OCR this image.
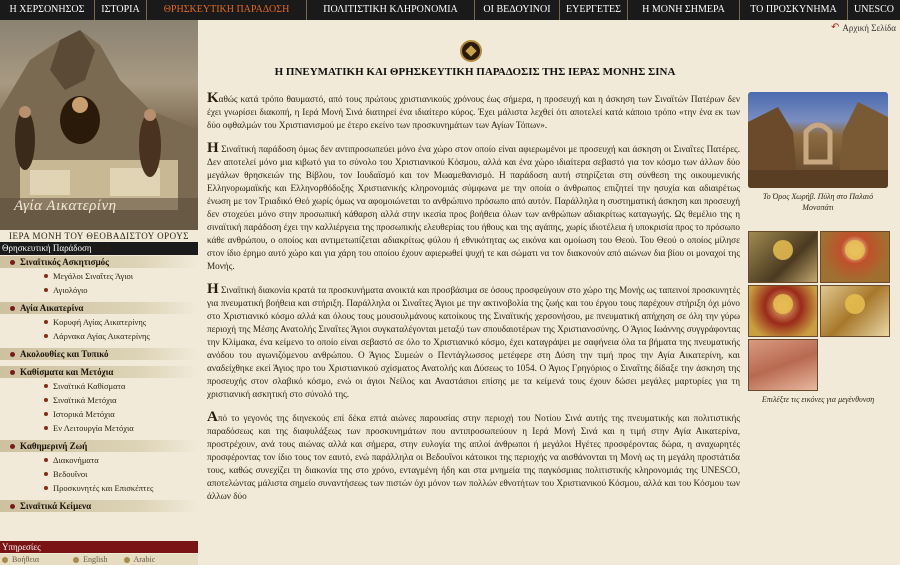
Η ΧΕΡΣΟΝΗΣΟΣ	ΙΣΤΟΡΙΑ	ΘΡΗΣΚΕΥΤΙΚΗ ΠΑΡΑΔΟΣΗ	ΠΟΛΙΤΙΣΤΙΚΗ ΚΛΗΡΟΝΟΜΙΑ	ΟΙ ΒΕΔΟΥΙΝΟΙ	ΕΥΕΡΓΕΤΕΣ	Η ΜΟΝΗ ΣΗΜΕΡΑ	ΤΟ ΠΡΟΣΚΥΝΗΜΑ	UNESCO
↶ Αρχική Σελίδα
Αγία Αικατερίνη
ΙΕΡΑ ΜΟΝΗ ΤΟΥ ΘΕΟΒΑΔΙΣΤΟΥ ΟΡΟΥΣ ΣΙΝΑ
Θρησκευτική Παράδοση
Σιναϊτικός Ασκητισμός
Μεγάλοι Σιναΐτες Άγιοι
Αγιολόγιο
Αγία Αικατερίνα
Κορυφή Αγίας Αικατερίνης
Λάρνακα Αγίας Αικατερίνης
Ακολουθίες και Τυπικό
Καθίσματα και Μετόχια
Σιναϊτικά Καθίσματα
Σιναϊτικά Μετόχια
Ιστορικά Μετόχια
Εν Λειτουργία Μετόχια
Καθημερινή Ζωή
Διακονήματα
Βεδουΐνοι
Προσκυνητές και Επισκέπτες
Σιναϊτικά Κείμενα
Υπηρεσίες
Βοήθεια	English	Arabic
Η ΠΝΕΥΜΑΤΙΚΗ ΚΑΙ ΘΡΗΣΚΕΥΤΙΚΗ ΠΑΡΑΔΟΣΙΣ ΤΗΣ ΙΕΡΑΣ ΜΟΝΗΣ ΣΙΝΑ

Καθώς κατά τρόπο θαυμαστό, από τους πρώτους χριστιανικούς χρόνους έως σήμερα, η προσευχή και η άσκηση των Σιναϊτών Πατέρων δεν έχει γνωρίσει διακοπή, η Ιερά Μονή Σινά διατηρεί ένα ιδιαίτερο κύρος. Έχει μάλιστα λεχθεί ότι αποτελεί κατά κάποιο τρόπο «την ένα εκ των δύο οφθαλμών του Χριστιανισμού με έτερο εκείνο των προσκυνημάτων των Αγίων Τόπων».

Η Σιναϊτική παράδοση όμως δεν αντιπροσωπεύει μόνο ένα χώρο στον οποίο είναι αφιερωμένοι με προσευχή και άσκηση οι Σιναΐτες Πατέρες. Δεν αποτελεί μόνο μια κιβωτό για το σύνολο του Χριστιανικού Κόσμου, αλλά και ένα χώρο ιδιαίτερα σεβαστό για τον κόσμο των άλλων δύο μεγάλων θρησκειών της Βίβλου, τον Ιουδαϊσμό και τον Μωαμεθανισμό. Η παράδοση αυτή στηρίζεται στη σύνθεση της οικουμενικής Ελληνορωμαϊκής και Ελληνορθόδοξης Χριστιανικής κληρονομιάς σύμφωνα με την οποία ο άνθρωπος επιζητεί την ησυχία και αδιαιρέτως ένωση με τον Τριαδικό Θεό χωρίς όμως να αφομοιώνεται το ανθρώπινο πρόσωπο από αυτόν. Παράλληλα η συστηματική άσκηση και προσευχή δεν στοχεύει μόνο στην προσωπική κάθαρση αλλά στην ικεσία προς βοήθεια όλων των ανθρώπων αδιακρίτως καταγωγής. Ως θεμέλιο της η σιναϊτική παράδοση έχει την καλλιέργεια της προσωπικής ελευθερίας του ήθους και της αγάπης, χωρίς ιδιοτέλεια ή υποκρισία προς το πρόσωπο κάθε ανθρώπου, ο οποίος και αντιμετωπίζεται αδιακρίτως φύλου ή εθνικότητας ως εικόνα και ομοίωση του Θεού. Του Θεού ο οποίος μίλησε στον ίδιο έρημο αυτό χώρο και για χάρη του οποίου έχουν αφιερωθεί ψυχή τε και σώματι να τον διακονούν από αιώνων δια βίου οι μοναχοί της Μονής.

Η Σιναϊτική διακονία κρατά τα προσκυνήματα ανοικτά και προσβάσιμα σε όσους προσφεύγουν στο χώρο της Μονής ως ταπεινοί προσκυνητές για πνευματική βοήθεια και στήριξη. Παράλληλα οι Σιναΐτες Άγιοι με την ακτινοβολία της ζωής και του έργου τους παρέχουν στήριξη όχι μόνο στο Χριστιανικό κόσμο αλλά και όλους τους μουσουλμάνους κατοίκους της Σιναϊτικής χερσονήσου, με πνευματική απήχηση σε όλη την γύρω περιοχή της Μέσης Ανατολής Σιναΐτες Άγιοι συγκαταλέγονται μεταξύ των σπουδαιοτέρων της Χριστιανοσύνης. Ο Άγιος Ιωάννης συγγράφοντας την Κλίμακα, ένα κείμενο το οποίο είναι σεβαστό σε όλο το Χριστιανικό κόσμο, έχει καταγράψει με σαφήνεια όλα τα βήματα της πνευματικής ανόδου του αγωνιζόμενου ανθρώπου. Ο Άγιος Συμεών ο Πεντάγλωσσος μετέφερε στη Δύση την τιμή προς την Αγία Αικατερίνη, και αναδείχθηκε εκεί Άγιος προ του Χριστιανικού σχίσματος Ανατολής και Δύσεως το 1054. Ο Άγιος Γρηγόριος ο Σιναΐτης δίδαξε την άσκηση της προσευχής στον σλαβικό κόσμο, ενώ οι άγιοι Νείλος και Αναστάσιοι επίσης με τα κείμενά τους έχουν δώσει μεγάλες μαρτυρίες για τη χριστιανική ασκητική στο σύνολό της.

Από το γεγονός της διηνεκούς επί δέκα επτά αιώνες παρουσίας στην περιοχή του Νοτίου Σινά αυτής της πνευματικής και πολιτιστικής παραδόσεως και της διαφυλάξεως των προσκυνημάτων που αντιπροσωπεύουν η Ιερά Μονή Σινά και η τιμή στην Αγία Αικατερίνα, προστρέχουν, ανά τους αιώνας αλλά και σήμερα, στην ευλογία της απλοί άνθρωποι ή μεγάλοι Ηγέτες προσφέροντας δώρα, η αναχωρητές προσφέροντας τον ίδιο τους τον εαυτό, ενώ παράλληλα οι Βεδουΐνοι κάτοικοι της περιοχής να αισθάνονται τη Μονή ως τη μεγάλη προστάτιδα τους, καθώς συνεχίζει τη διακονία της στο χρόνο, ενταγμένη ήδη και στα μνημεία της παγκόσμιας πολιτιστικής κληρονομιάς της UNESCO, αποτελώντας μάλιστα σημείο συναντήσεως των πιστών όχι μόνον των πολλών εθνοτήτων του Χριστιανικού Κόσμου, αλλά και του Κόσμου των άλλων δύο

Το Όρος Χωρήβ. Πύλη στο Παλαιό Μονοπάτι
Επιλέξτε τις εικόνες για μεγένθυνση
